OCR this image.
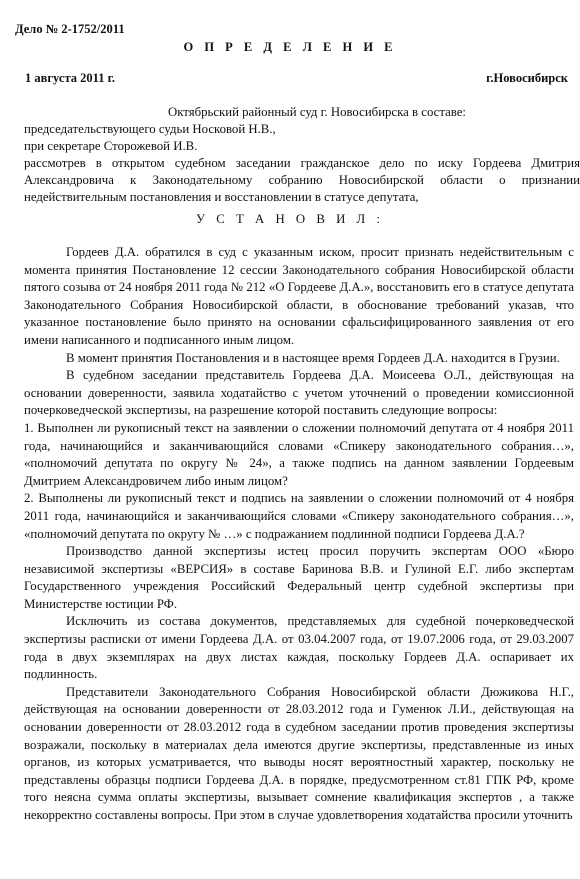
Дело № 2-1752/2011
О П Р Е Д Е Л Е Н И Е
1 августа 2011 г.	г.Новосибирск
Октябрьский районный суд г. Новосибирска в составе:
председательствующего судьи Носковой Н.В.,
при секретаре Сторожевой И.В.
рассмотрев в открытом судебном заседании гражданское дело по иску Гордеева Дмитрия Александровича к Законодательному собранию Новосибирской области о признании недействительным постановления и восстановлении в статусе депутата,
У С Т А Н О В И Л :

Гордеев Д.А. обратился в суд с указанным иском, просит признать недействительным с момента принятия Постановление 12 сессии Законодательного собрания Новосибирской области пятого созыва от 24 ноября 2011 года № 212 «О Гордееве Д.А.», восстановить его в статусе депутата Законодательного Собрания Новосибирской области, в обоснование требований указав, что указанное постановление было принято на основании сфальсифицированного заявления от его имени написанного и подписанного иным лицом.

В момент принятия Постановления и в настоящее время Гордеев Д.А. находится в Грузии.

В судебном заседании представитель Гордеева Д.А. Моисеева О.Л., действующая на основании доверенности, заявила ходатайство с учетом уточнений о проведении комиссионной почерковедческой экспертизы, на разрешение которой поставить следующие вопросы:

1. Выполнен ли рукописный текст на заявлении о сложении полномочий депутата от 4 ноября 2011 года, начинающийся и заканчивающийся словами «Спикеру законодательного собрания…», «полномочий депутата по округу № 24», а также подпись на данном заявлении Гордеевым Дмитрием Александровичем либо иным лицом?

2. Выполнены ли рукописный текст и подпись на заявлении о сложении полномочий от 4 ноября 2011 года, начинающийся и заканчивающийся словами «Спикеру законодательного собрания…», «полномочий депутата по округу № …» с подражанием подлинной подписи Гордеева Д.А.?

Производство данной экспертизы истец просил поручить экспертам ООО «Бюро независимой экспертизы «ВЕРСИЯ» в составе Баринова В.В. и Гулиной Е.Г. либо экспертам Государственного учреждения Российский Федеральный центр судебной экспертизы при Министерстве юстиции РФ.

Исключить из состава документов, представляемых для судебной почерковедческой экспертизы расписки от имени Гордеева Д.А. от 03.04.2007 года, от 19.07.2006 года, от 29.03.2007 года в двух экземплярах на двух листах каждая, поскольку Гордеев Д.А. оспаривает их подлинность.

Представители Законодательного Собрания Новосибирской области Дюжикова Н.Г., действующая на основании доверенности от 28.03.2012 года и Гуменюк Л.И., действующая на основании доверенности от 28.03.2012 года в судебном заседании против проведения экспертизы возражали, поскольку в материалах дела имеются другие экспертизы, представленные из иных органов, из которых усматривается, что выводы носят вероятностный характер, поскольку не представлены образцы подписи Гордеева Д.А. в порядке, предусмотренном ст.81 ГПК РФ, кроме того неясна сумма оплаты экспертизы, вызывает сомнение квалификация экспертов , а также некорректно составлены вопросы. При этом в случае удовлетворения ходатайства просили уточнить
